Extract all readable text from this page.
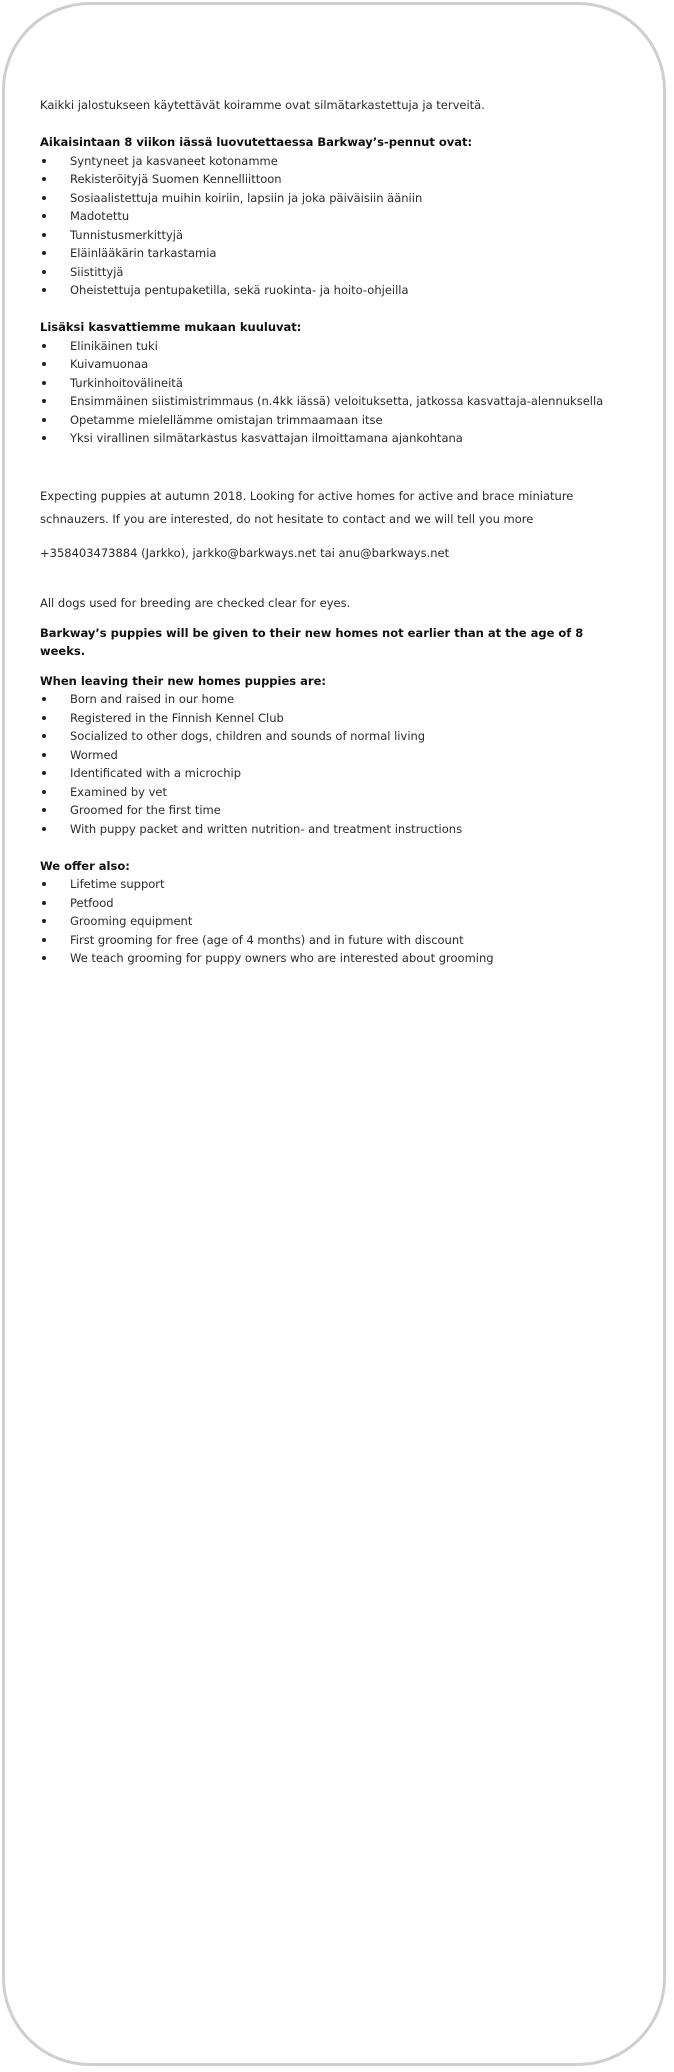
Kaikki jalostukseen käytettävät koiramme ovat silmätarkastettuja ja terveitä.

Aikaisintaan 8 viikon iässä luovutettaessa Barkway’s-pennut ovat:

Syntyneet ja kasvaneet kotonamme
Rekisteröityjä Suomen Kennelliittoon
Sosiaalistettuja muihin koiriin, lapsiin ja joka päiväisiin ääniin
Madotettu
Tunnistusmerkittyjä
Eläinlääkärin tarkastamia
Siistittyjä
Oheistettuja pentupaketilla, sekä ruokinta- ja hoito-ohjeilla

Lisäksi kasvattiemme mukaan kuuluvat:

Elinikäinen tuki
Kuivamuonaa
Turkinhoitovälineitä
Ensimmäinen siistimistrimmaus (n.4kk iässä) veloituksetta, jatkossa kasvattaja-alennuksella
Opetamme mielellämme omistajan trimmaamaan itse
Yksi virallinen silmätarkastus kasvattajan ilmoittamana ajankohtana

Expecting puppies at autumn 2018. Looking for active homes for active and brace miniature schnauzers. If you are interested, do not hesitate to contact and we will tell you more

+358403473884 (Jarkko), jarkko@barkways.net tai anu@barkways.net

All dogs used for breeding are checked clear for eyes.

Barkway’s puppies will be given to their new homes not earlier than at the age of 8 weeks.

When leaving their new homes puppies are:

Born and raised in our home
Registered in the Finnish Kennel Club
Socialized to other dogs, children and sounds of normal living
Wormed
Identificated with a microchip
Examined by vet
Groomed for the first time
With puppy packet and written nutrition- and treatment instructions

We offer also:

Lifetime support
Petfood
Grooming equipment
First grooming for free (age of 4 months) and in future with discount
We teach grooming for puppy owners who are interested about grooming
